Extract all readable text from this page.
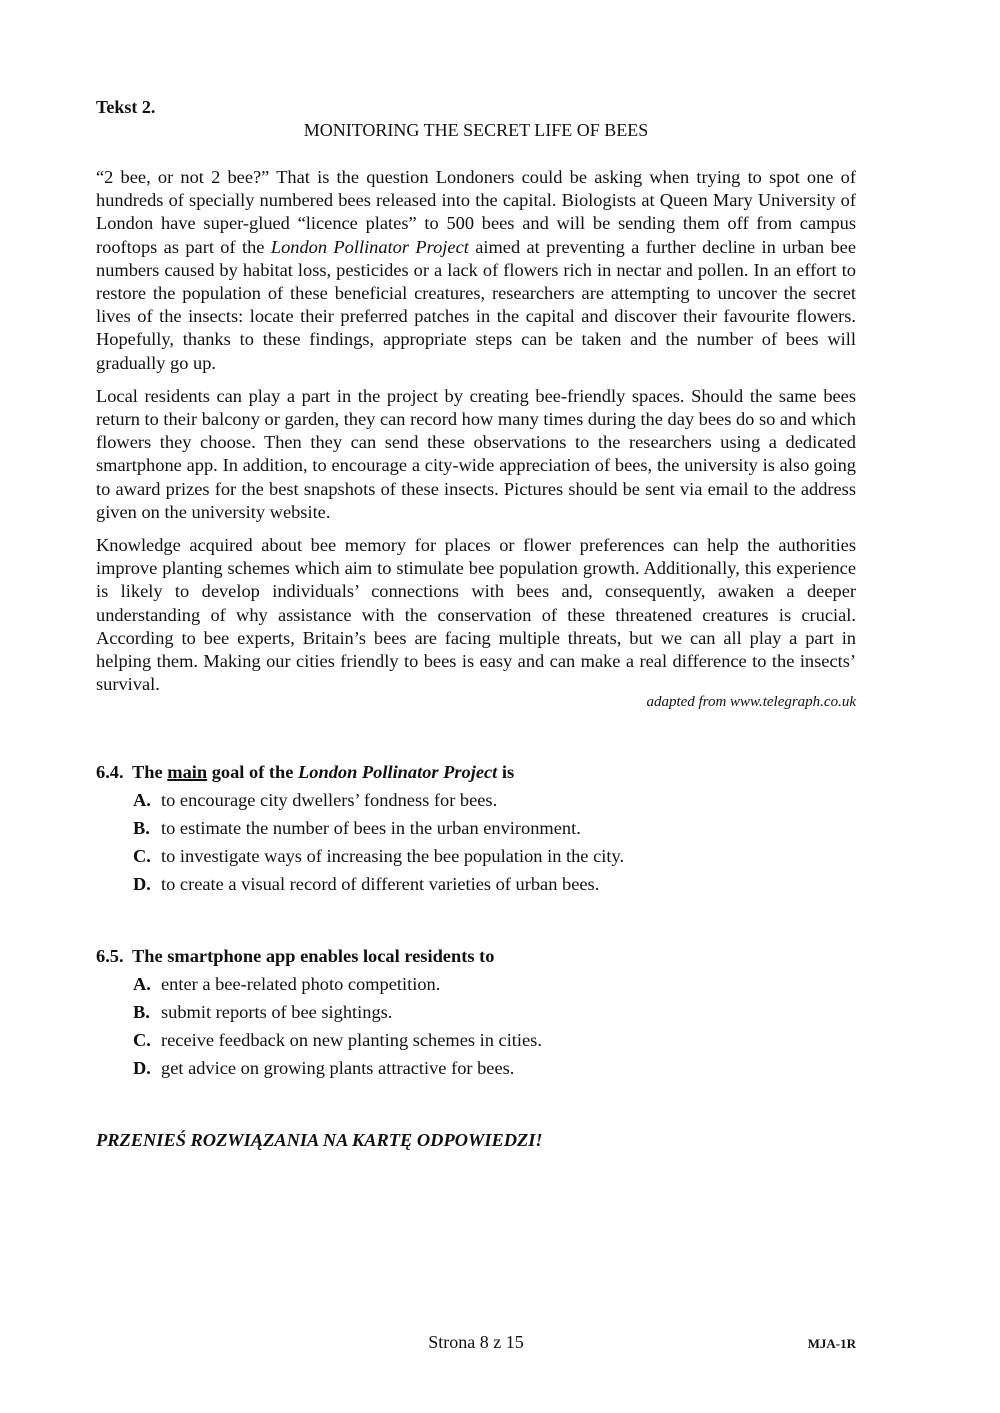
Tekst 2.
MONITORING THE SECRET LIFE OF BEES

“2 bee, or not 2 bee?” That is the question Londoners could be asking when trying to spot one of hundreds of specially numbered bees released into the capital. Biologists at Queen Mary University of London have super-glued “licence plates” to 500 bees and will be sending them off from campus rooftops as part of the London Pollinator Project aimed at preventing a further decline in urban bee numbers caused by habitat loss, pesticides or a lack of flowers rich in nectar and pollen. In an effort to restore the population of these beneficial creatures, researchers are attempting to uncover the secret lives of the insects: locate their preferred patches in the capital and discover their favourite flowers. Hopefully, thanks to these findings, appropriate steps can be taken and the number of bees will gradually go up.

Local residents can play a part in the project by creating bee-friendly spaces. Should the same bees return to their balcony or garden, they can record how many times during the day bees do so and which flowers they choose. Then they can send these observations to the researchers using a dedicated smartphone app. In addition, to encourage a city-wide appreciation of bees, the university is also going to award prizes for the best snapshots of these insects. Pictures should be sent via email to the address given on the university website.

Knowledge acquired about bee memory for places or flower preferences can help the authorities improve planting schemes which aim to stimulate bee population growth. Additionally, this experience is likely to develop individuals’ connections with bees and, consequently, awaken a deeper understanding of why assistance with the conservation of these threatened creatures is crucial. According to bee experts, Britain’s bees are facing multiple threats, but we can all play a part in helping them. Making our cities friendly to bees is easy and can make a real difference to the insects’ survival.

adapted from www.telegraph.co.uk
6.4. The main goal of the London Pollinator Project is
A. to encourage city dwellers’ fondness for bees.
B. to estimate the number of bees in the urban environment.
C. to investigate ways of increasing the bee population in the city.
D. to create a visual record of different varieties of urban bees.
6.5. The smartphone app enables local residents to
A. enter a bee-related photo competition.
B. submit reports of bee sightings.
C. receive feedback on new planting schemes in cities.
D. get advice on growing plants attractive for bees.
PRZENIEŚ ROZWIĄZANIA NA KARTĘ ODPOWIEDZI!
Strona 8 z 15	MJA-1R
